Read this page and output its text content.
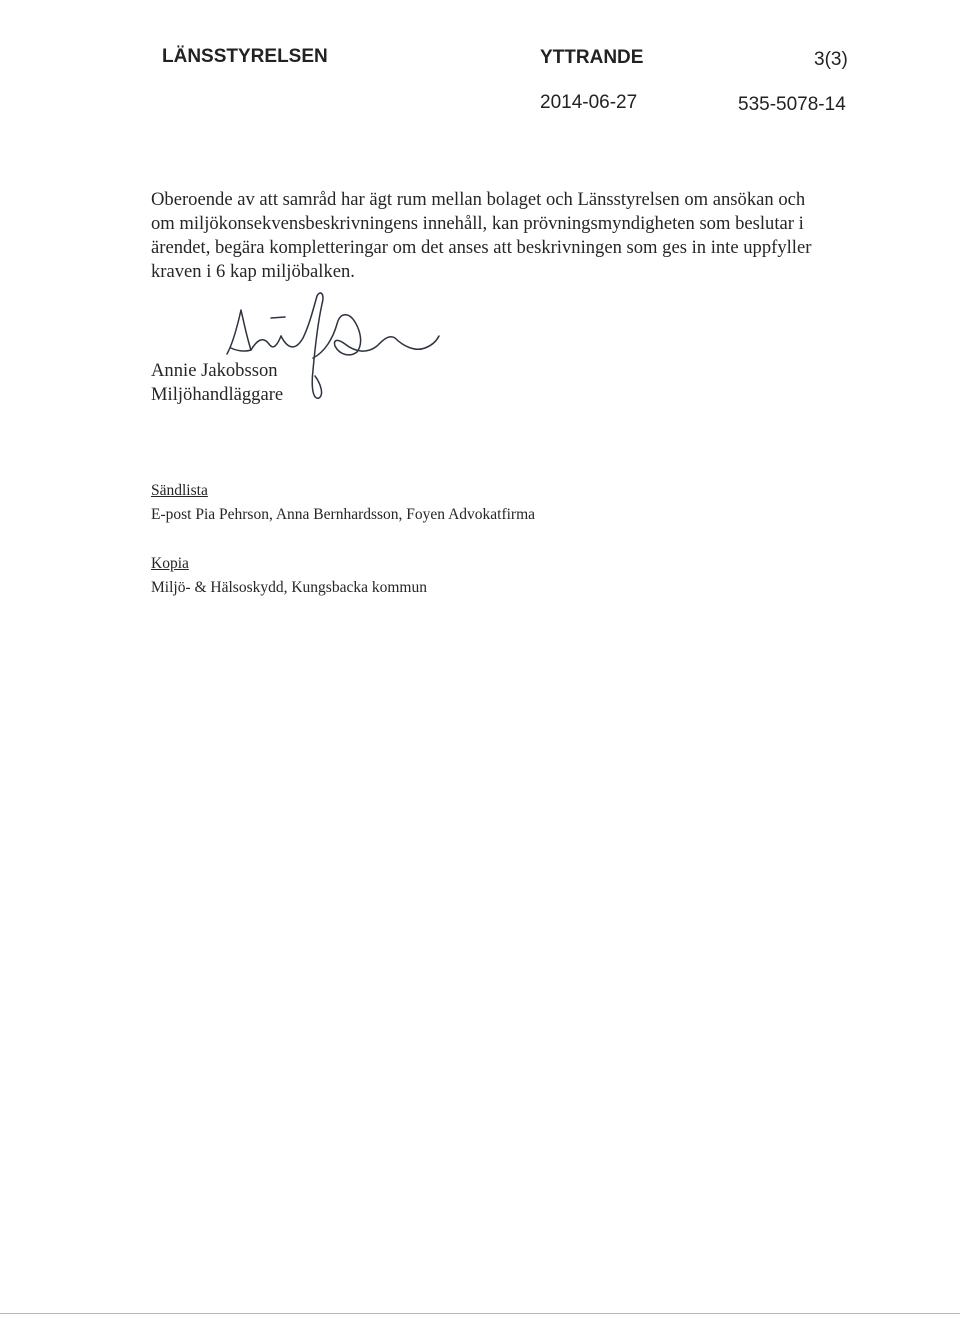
LÄNSSTYRELSEN	YTTRANDE	3(3)
2014-06-27	535-5078-14

Oberoende av att samråd har ägt rum mellan bolaget och Länsstyrelsen om ansökan och
om miljökonsekvensbeskrivningens innehåll, kan prövningsmyndigheten som beslutar i
ärendet, begära kompletteringar om det anses att beskrivningen som ges in inte uppfyller
kraven i 6 kap miljöbalken.

Annie Jakobsson
Miljöhandläggare
Sändlista
E-post Pia Pehrson, Anna Bernhardsson, Foyen Advokatfirma
Kopia
Miljö- & Hälsoskydd, Kungsbacka kommun
